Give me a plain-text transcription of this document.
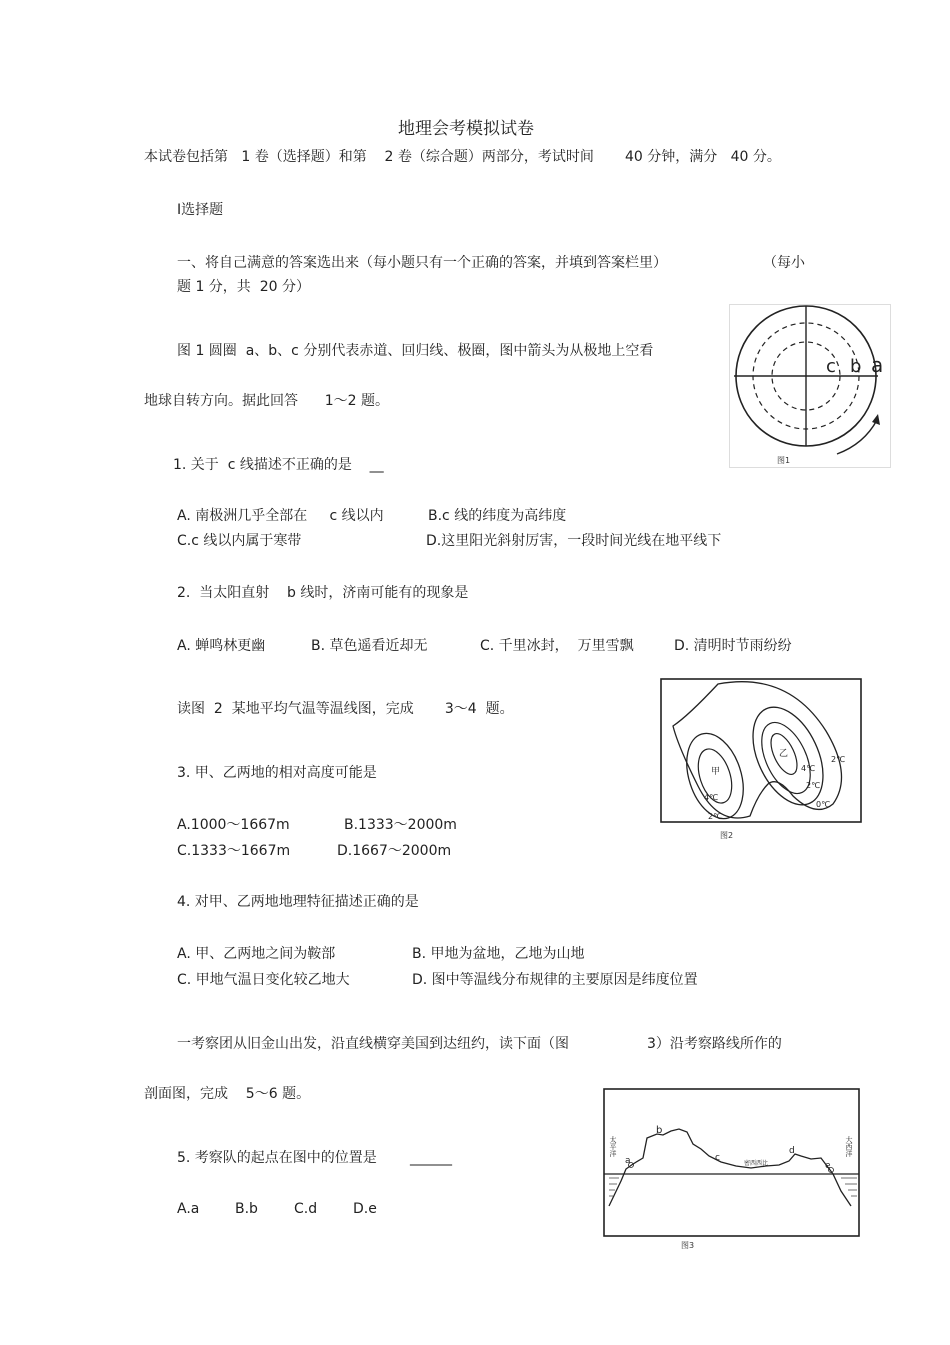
地理会考模拟试卷
本试卷包括第   1 卷（选择题）和第    2 卷（综合题）两部分，考试时间       40 分钟，满分   40 分。
Ⅰ选择题
一、将自己满意的答案选出来（每小题只有一个正确的答案，并填到答案栏里）	（每小
题 1 分，共  20 分）
图 1 圆圈  a、b、c 分别代表赤道、回归线、极圈，图中箭头为从极地上空看
地球自转方向。据此回答      1～2 题。
c b a
图1
1. 关于  c 线描述不正确的是    __
A. 南极洲几乎全部在     c 线以内	B.c 线的纬度为高纬度
C.c 线以内属于寒带	D.这里阳光斜射厉害，一段时间光线在地平线下
2.  当太阳直射    b 线时，济南可能有的现象是
A. 蝉鸣林更幽	B. 草色遥看近却无	C. 千里冰封，  万里雪飘	D. 清明时节雨纷纷
读图  2  某地平均气温等温线图，完成       3～4  题。
甲
乙
4℃
2℃
4℃
2℃
0℃
2℃
图2
3. 甲、乙两地的相对高度可能是
A.1000～1667m	B.1333～2000m
C.1333～1667m	D.1667～2000m
4. 对甲、乙两地地理特征描述正确的是
A. 甲、乙两地之间为鞍部	B. 甲地为盆地，乙地为山地
C. 甲地气温日变化较乙地大	D. 图中等温线分布规律的主要原因是纬度位置
一考察团从旧金山出发，沿直线横穿美国到达纽约，读下面（图	3）沿考察路线所作的
剖面图，完成    5～6 题。
5. 考察队的起点在图中的位置是 ______
A.a	B.b	C.d	D.e
a
b
c
d
e
太平洋	大西洋
密西西比
图3
